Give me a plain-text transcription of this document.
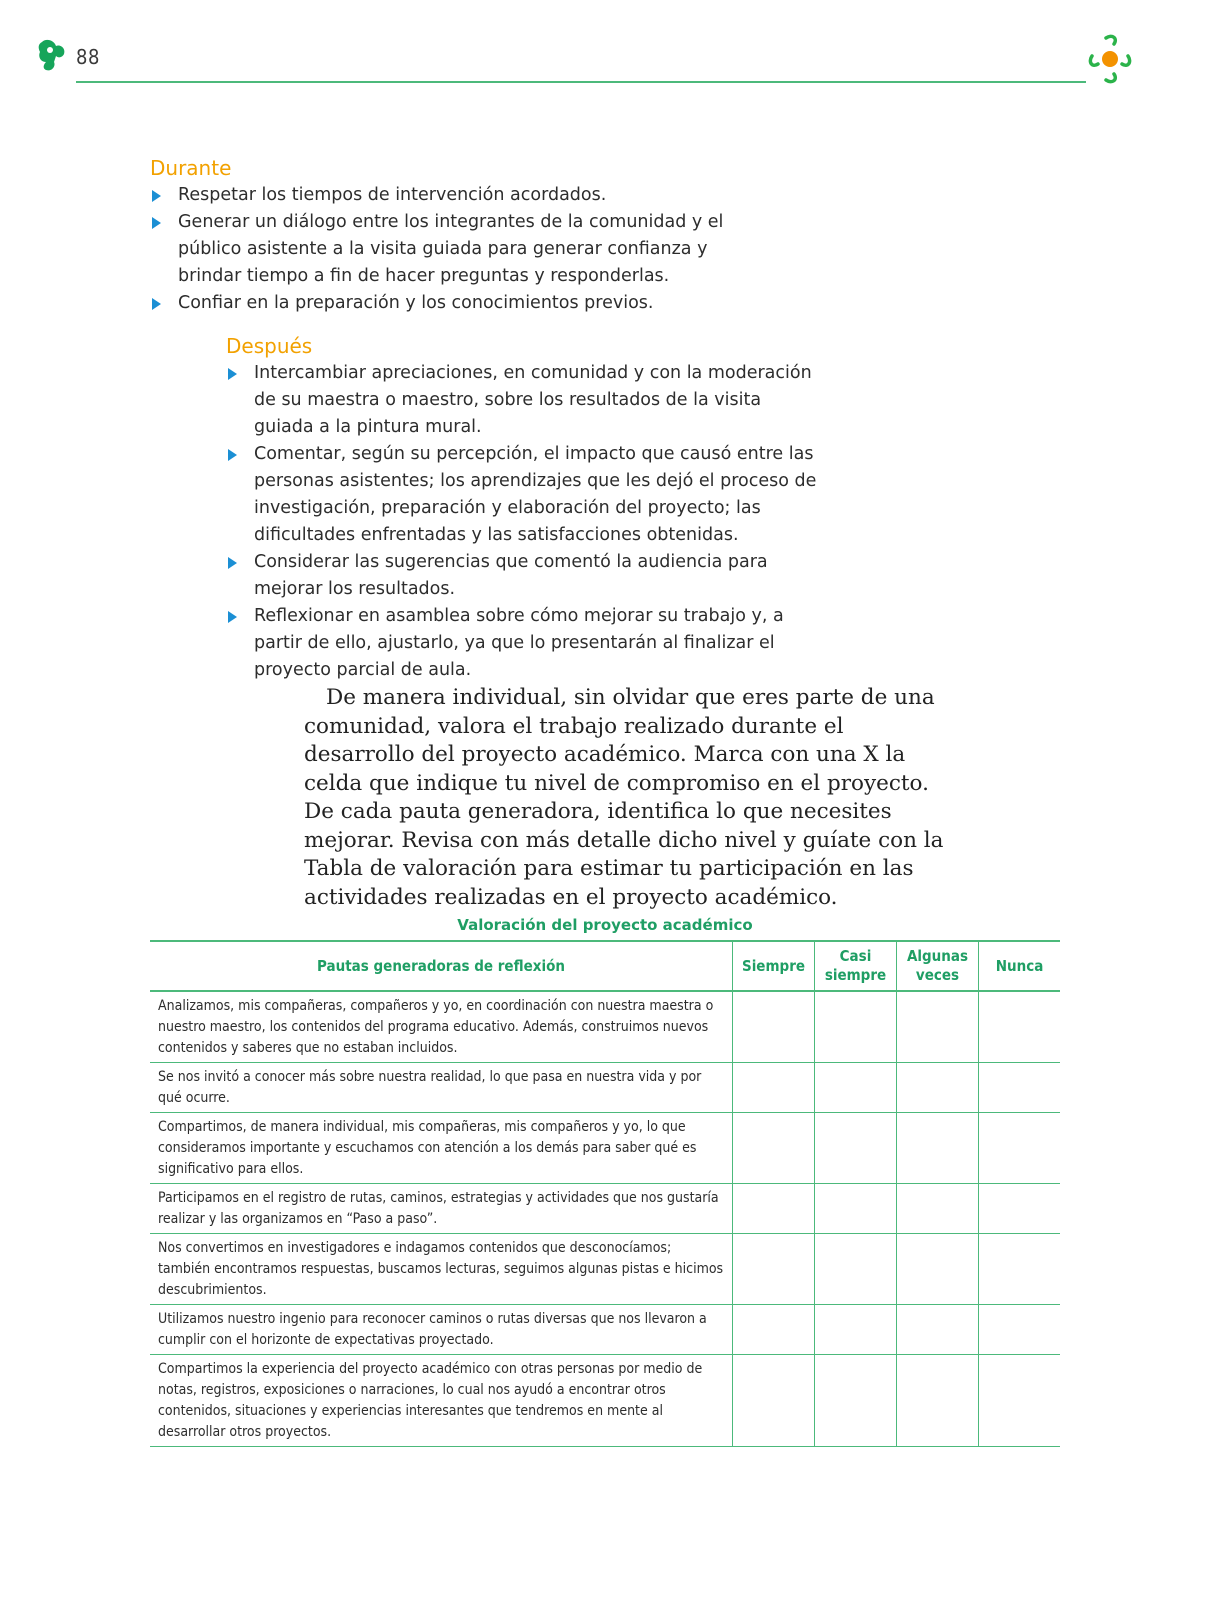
88
Durante
Respetar los tiempos de intervención acordados.
Generar un diálogo entre los integrantes de la comunidad y el público asistente a la visita guiada para generar confianza y brindar tiempo a fin de hacer preguntas y responderlas.
Confiar en la preparación y los conocimientos previos.
Después
Intercambiar apreciaciones, en comunidad y con la moderación de su maestra o maestro, sobre los resultados de la visita guiada a la pintura mural.
Comentar, según su percepción, el impacto que causó entre las personas asistentes; los aprendizajes que les dejó el proceso de investigación, preparación y elaboración del proyecto; las dificultades enfrentadas y las satisfacciones obtenidas.
Considerar las sugerencias que comentó la audiencia para mejorar los resultados.
Reflexionar en asamblea sobre cómo mejorar su trabajo y, a partir de ello, ajustarlo, ya que lo presentarán al finalizar el proyecto parcial de aula.

De manera individual, sin olvidar que eres parte de una comunidad, valora el trabajo realizado durante el desarrollo del proyecto académico. Marca con una X la celda que indique tu nivel de compromiso en el proyecto. De cada pauta generadora, identifica lo que necesites mejorar. Revisa con más detalle dicho nivel y guíate con la Tabla de valoración para estimar tu participación en las actividades realizadas en el proyecto académico.

Valoración del proyecto académico
Pautas generadoras de reflexión	Siempre	Casi siempre	Algunas veces	Nunca
Analizamos, mis compañeras, compañeros y yo, en coordinación con nuestra maestra o nuestro maestro, los contenidos del programa educativo. Además, construimos nuevos contenidos y saberes que no estaban incluidos.				
Se nos invitó a conocer más sobre nuestra realidad, lo que pasa en nuestra vida y por qué ocurre.				
Compartimos, de manera individual, mis compañeras, mis compañeros y yo, lo que consideramos importante y escuchamos con atención a los demás para saber qué es significativo para ellos.				
Participamos en el registro de rutas, caminos, estrategias y actividades que nos gustaría realizar y las organizamos en “Paso a paso”.				
Nos convertimos en investigadores e indagamos contenidos que desconocíamos; también encontramos respuestas, buscamos lecturas, seguimos algunas pistas e hicimos descubrimientos.				
Utilizamos nuestro ingenio para reconocer caminos o rutas diversas que nos llevaron a cumplir con el horizonte de expectativas proyectado.				
Compartimos la experiencia del proyecto académico con otras personas por medio de notas, registros, exposiciones o narraciones, lo cual nos ayudó a encontrar otros contenidos, situaciones y experiencias interesantes que tendremos en mente al desarrollar otros proyectos.				
